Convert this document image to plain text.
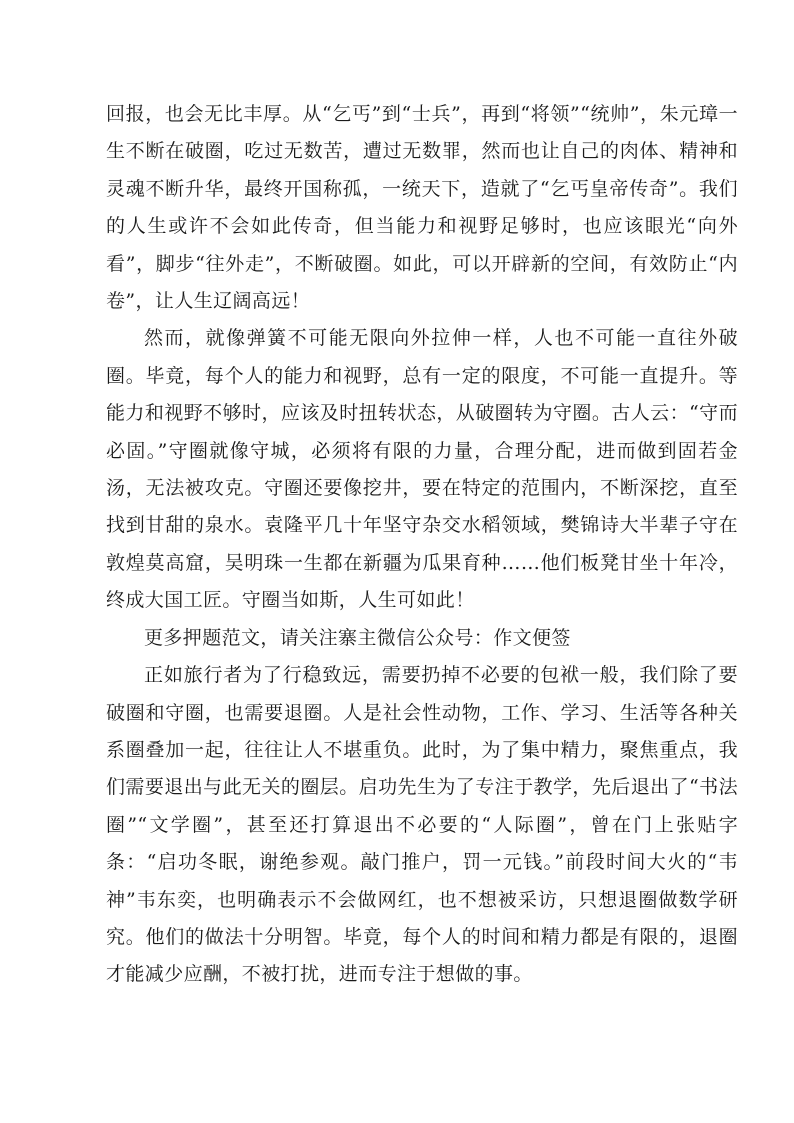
回报，也会无比丰厚。从“乞丐”到“士兵”，再到“将领”“统帅”，朱元璋一生不断在破圈，吃过无数苦，遭过无数罪，然而也让自己的肉体、精神和灵魂不断升华，最终开国称孤，一统天下，造就了“乞丐皇帝传奇”。我们的人生或许不会如此传奇，但当能力和视野足够时，也应该眼光“向外看”，脚步“往外走”，不断破圈。如此，可以开辟新的空间，有效防止“内卷”，让人生辽阔高远！

然而，就像弹簧不可能无限向外拉伸一样，人也不可能一直往外破圈。毕竟，每个人的能力和视野，总有一定的限度，不可能一直提升。等能力和视野不够时，应该及时扭转状态，从破圈转为守圈。古人云：“守而必固。”守圈就像守城，必须将有限的力量，合理分配，进而做到固若金汤，无法被攻克。守圈还要像挖井，要在特定的范围内，不断深挖，直至找到甘甜的泉水。袁隆平几十年坚守杂交水稻领域，樊锦诗大半辈子守在敦煌莫高窟，吴明珠一生都在新疆为瓜果育种……他们板凳甘坐十年冷，终成大国工匠。守圈当如斯，人生可如此！

更多押题范文，请关注寨主微信公众号：作文便签

正如旅行者为了行稳致远，需要扔掉不必要的包袱一般，我们除了要破圈和守圈，也需要退圈。人是社会性动物，工作、学习、生活等各种关系圈叠加一起，往往让人不堪重负。此时，为了集中精力，聚焦重点，我们需要退出与此无关的圈层。启功先生为了专注于教学，先后退出了“书法圈”“文学圈”，甚至还打算退出不必要的“人际圈”，曾在门上张贴字条：“启功冬眠，谢绝参观。敲门推户，罚一元钱。”前段时间大火的“韦神”韦东奕，也明确表示不会做网红，也不想被采访，只想退圈做数学研究。他们的做法十分明智。毕竟，每个人的时间和精力都是有限的，退圈才能减少应酬，不被打扰，进而专注于想做的事。
